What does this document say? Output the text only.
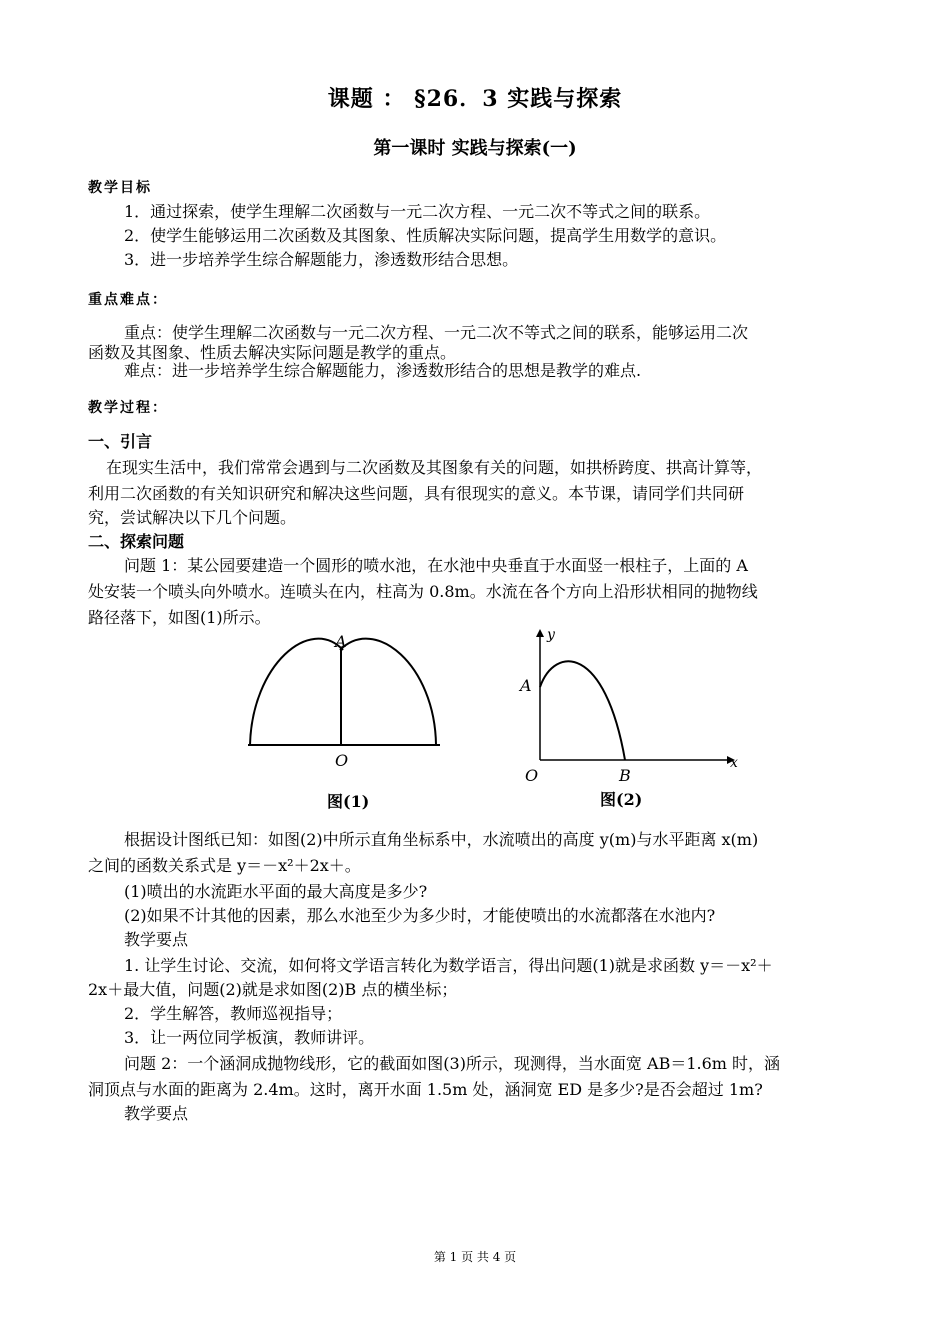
课题 ： §26．3 实践与探索
第一课时 实践与探索(一)
教学目标
1．通过探索，使学生理解二次函数与一元二次方程、一元二次不等式之间的联系。
2．使学生能够运用二次函数及其图象、性质解决实际问题，提高学生用数学的意识。
3．进一步培养学生综合解题能力，渗透数形结合思想。
重点难点：
重点：使学生理解二次函数与一元二次方程、一元二次不等式之间的联系，能够运用二次
函数及其图象、性质去解决实际问题是教学的重点。
难点：进一步培养学生综合解题能力，渗透数形结合的思想是教学的难点.
教学过程：
一、引言
在现实生活中，我们常常会遇到与二次函数及其图象有关的问题，如拱桥跨度、拱高计算等，
利用二次函数的有关知识研究和解决这些问题，具有很现实的意义。本节课，请同学们共同研
究，尝试解决以下几个问题。
二、探索问题
问题 1：某公园要建造一个圆形的喷水池，在水池中央垂直于水面竖一根柱子，上面的 A
处安装一个喷头向外喷水。连喷头在内，柱高为 0.8m。水流在各个方向上沿形状相同的抛物线
路径落下，如图(1)所示。
A
O
图(1)
y
x
A
O	B
图(2)
根据设计图纸已知：如图(2)中所示直角坐标系中，水流喷出的高度 y(m)与水平距离 x(m)
之间的函数关系式是 y＝－x²＋2x＋。
(1)喷出的水流距水平面的最大高度是多少?
(2)如果不计其他的因素，那么水池至少为多少时，才能使喷出的水流都落在水池内?
教学要点
1. 让学生讨论、交流，如何将文学语言转化为数学语言，得出问题(1)就是求函数 y＝－x²＋
2x＋最大值，问题(2)就是求如图(2)B 点的横坐标；
2．学生解答，教师巡视指导；
3．让一两位同学板演，教师讲评。
问题 2：一个涵洞成抛物线形，它的截面如图(3)所示，现测得，当水面宽 AB＝1.6m 时，涵
洞顶点与水面的距离为 2.4m。这时，离开水面 1.5m 处，涵洞宽 ED 是多少?是否会超过 1m?
教学要点
第 1 页 共 4 页
